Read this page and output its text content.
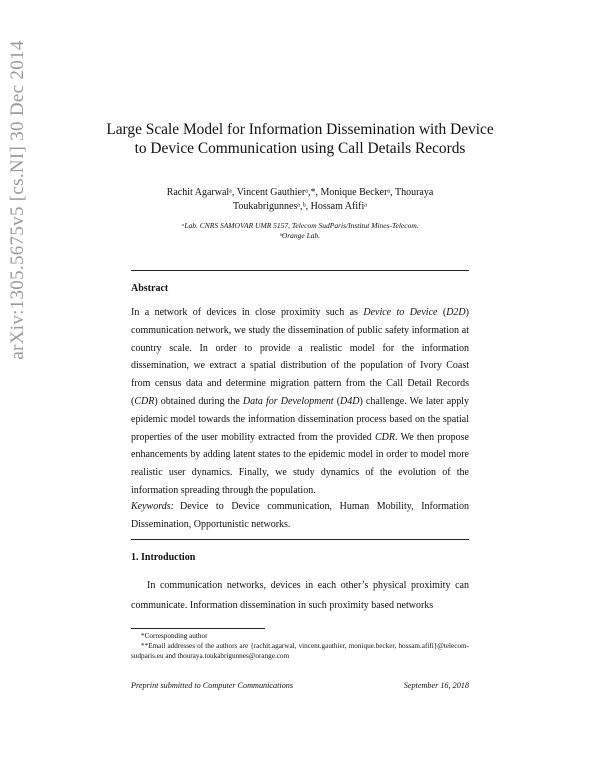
arXiv:1305.5675v5 [cs.NI] 30 Dec 2014	Large Scale Model for Information Dissemination with Device to Device Communication using Call Details Records
Rachit Agarwalᵃ, Vincent Gauthierᵃ,*, Monique Beckerᵃ, Thouraya
Toukabrigunnesᵃ,ᵇ, Hossam Afifiᵃ
ᵃLab. CNRS SAMOVAR UMR 5157, Telecom SudParis/Institut Mines-Telecom.
ᵇOrange Lab.
Abstract

In a network of devices in close proximity such as Device to Device (D2D) communication network, we study the dissemination of public safety information at country scale. In order to provide a realistic model for the information dissemination, we extract a spatial distribution of the population of Ivory Coast from census data and determine migration pattern from the Call Detail Records (CDR) obtained during the Data for Development (D4D) challenge. We later apply epidemic model towards the information dissemination process based on the spatial properties of the user mobility extracted from the provided CDR. We then propose enhancements by adding latent states to the epidemic model in order to model more realistic user dynamics. Finally, we study dynamics of the evolution of the information spreading through the population.

Keywords: Device to Device communication, Human Mobility, Information Dissemination, Opportunistic networks.
1. Introduction
In communication networks, devices in each other’s physical proximity can communicate. Information dissemination in such proximity based networks

*Corresponding author

**Email addresses of the authors are {rachit.agarwal, vincent.gauthier, monique.becker, hossam.afifi}@telecom-sudparis.eu and thouraya.toukabrigunnes@orange.com

Preprint submitted to Computer Communications	September 16, 2018
